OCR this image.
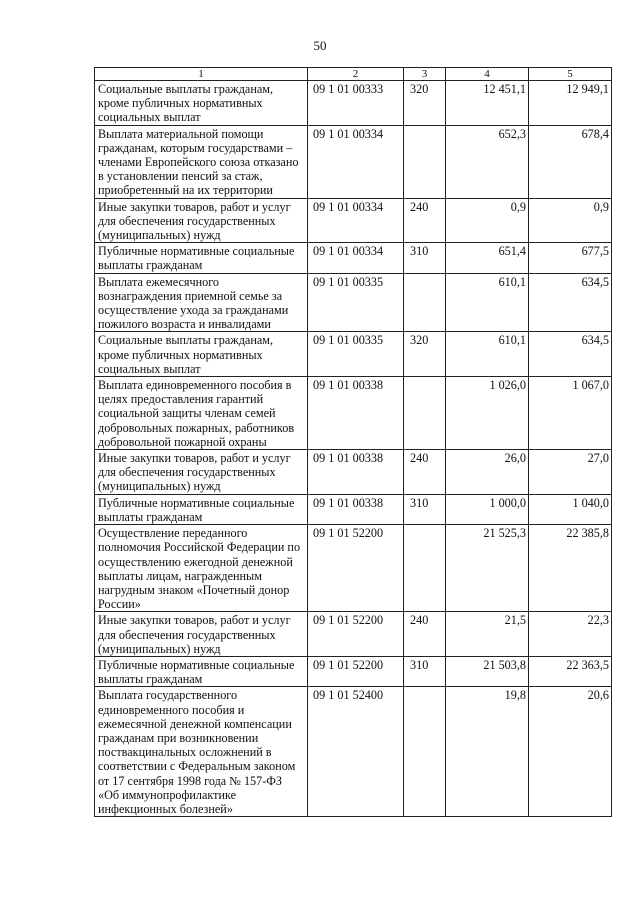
50
1	2	3	4	5
Социальные выплаты гражданам, кроме публичных нормативных социальных выплат	09 1 01 00333	320	12 451,1	12 949,1
Выплата материальной помощи гражданам, которым государствами – членами Европейского союза отказано в установлении пенсий за стаж, приобретенный на их территории	09 1 01 00334		652,3	678,4
Иные закупки товаров, работ и услуг для обеспечения государственных (муниципальных) нужд	09 1 01 00334	240	0,9	0,9
Публичные нормативные социальные выплаты гражданам	09 1 01 00334	310	651,4	677,5
Выплата ежемесячного вознаграждения приемной семье за осуществление ухода за гражданами пожилого возраста и инвалидами	09 1 01 00335		610,1	634,5
Социальные выплаты гражданам, кроме публичных нормативных социальных выплат	09 1 01 00335	320	610,1	634,5
Выплата единовременного пособия в целях предоставления гарантий социальной защиты членам семей добровольных пожарных, работников добровольной пожарной охраны	09 1 01 00338		1 026,0	1 067,0
Иные закупки товаров, работ и услуг для обеспечения государственных (муниципальных) нужд	09 1 01 00338	240	26,0	27,0
Публичные нормативные социальные выплаты гражданам	09 1 01 00338	310	1 000,0	1 040,0
Осуществление переданного полномочия Российской Федерации по осуществлению ежегодной денежной выплаты лицам, награжденным нагрудным знаком «Почетный донор России»	09 1 01 52200		21 525,3	22 385,8
Иные закупки товаров, работ и услуг для обеспечения государственных (муниципальных) нужд	09 1 01 52200	240	21,5	22,3
Публичные нормативные социальные выплаты гражданам	09 1 01 52200	310	21 503,8	22 363,5
Выплата государственного единовременного пособия и ежемесячной денежной компенсации гражданам при возникновении поствакцинальных осложнений в соответствии с Федеральным законом от 17 сентября 1998 года № 157-ФЗ «Об иммунопрофилактике инфекционных болезней»	09 1 01 52400		19,8	20,6
